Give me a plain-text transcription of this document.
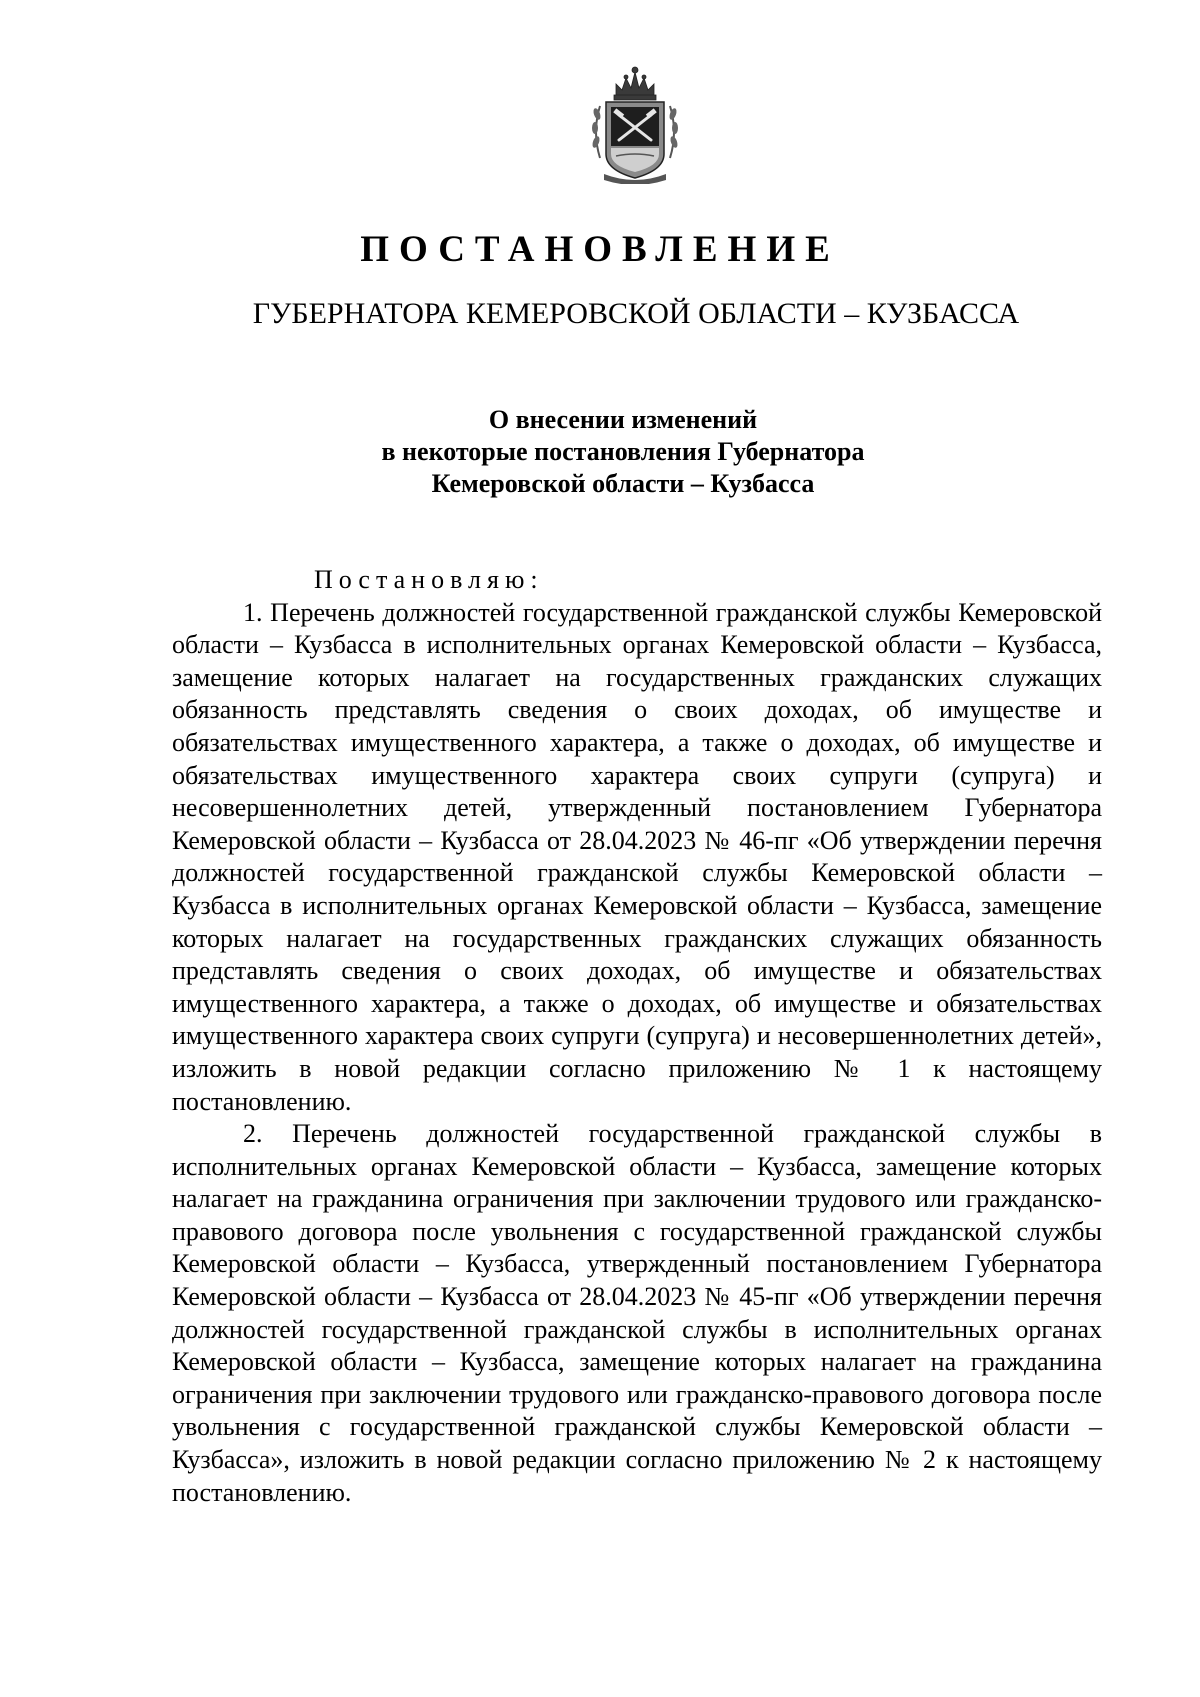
ПОСТАНОВЛЕНИЕ
ГУБЕРНАТОРА КЕМЕРОВСКОЙ ОБЛАСТИ – КУЗБАССА
О внесении изменений
в некоторые постановления Губернатора
Кемеровской области – Кузбасса

Постановляю:

1. Перечень должностей государственной гражданской службы Кемеровской области – Кузбасса в исполнительных органах Кемеровской области – Кузбасса, замещение которых налагает на государственных гражданских служащих обязанность представлять сведения о своих доходах, об имуществе и обязательствах имущественного характера, а также о доходах, об имуществе и обязательствах имущественного характера своих супруги (супруга) и несовершеннолетних детей, утвержденный постановлением Губернатора Кемеровской области – Кузбасса от 28.04.2023 № 46-пг «Об утверждении перечня должностей государственной гражданской службы Кемеровской области – Кузбасса в исполнительных органах Кемеровской области – Кузбасса, замещение которых налагает на государственных гражданских служащих обязанность представлять сведения о своих доходах, об имуществе и обязательствах имущественного характера, а также о доходах, об имуществе и обязательствах имущественного характера своих супруги (супруга) и несовершеннолетних детей», изложить в новой редакции согласно приложению № 1 к настоящему постановлению.

2. Перечень должностей государственной гражданской службы в исполнительных органах Кемеровской области – Кузбасса, замещение которых налагает на гражданина ограничения при заключении трудового или гражданско-правового договора после увольнения с государственной гражданской службы Кемеровской области – Кузбасса, утвержденный постановлением Губернатора Кемеровской области – Кузбасса от 28.04.2023 № 45-пг «Об утверждении перечня должностей государственной гражданской службы в исполнительных органах Кемеровской области – Кузбасса, замещение которых налагает на гражданина ограничения при заключении трудового или гражданско-правового договора после увольнения с государственной гражданской службы Кемеровской области – Кузбасса», изложить в новой редакции согласно приложению № 2 к настоящему постановлению.
